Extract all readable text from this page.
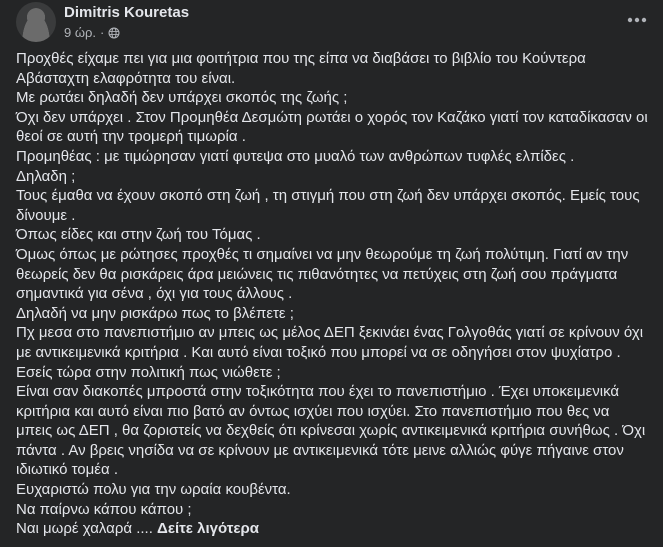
Dimitris Kouretas
9 ώρ. ·

Προχθές είχαμε πει για μια φοιτήτρια που της είπα να διαβάσει το βιβλίο του Κούντερα Αβάσταχτη ελαφρότητα του είναι.

Με ρωτάει δηλαδή δεν υπάρχει σκοπός της ζωής ;

Όχι δεν υπάρχει . Στον Προμηθέα Δεσμώτη ρωτάει ο χορός τον Καζάκο γιατί τον καταδίκασαν οι θεοί σε αυτή την τρομερή τιμωρία .

Προμηθέας : με τιμώρησαν γιατί φυτεψα στο μυαλό των ανθρώπων τυφλές ελπίδες .

Δηλαδη ;

Τους έμαθα να έχουν σκοπό στη ζωή , τη στιγμή που στη ζωή δεν υπάρχει σκοπός. Εμείς τους δίνουμε .

Όπως είδες και στην ζωή του Τόμας .

Όμως όπως με ρώτησες προχθές τι σημαίνει να μην θεωρούμε τη ζωή πολύτιμη. Γιατί αν την θεωρείς δεν θα ρισκάρεις άρα μειώνεις τις πιθανότητες να πετύχεις στη ζωή σου πράγματα σημαντικά για σένα , όχι για τους άλλους .

Δηλαδή να μην ρισκάρω πως το βλέπετε ;

Πχ μεσα στο πανεπιστήμιο αν μπεις ως μέλος ΔΕΠ ξεκινάει ένας Γολγοθάς γιατί σε κρίνουν όχι με αντικειμενικά κριτήρια . Και αυτό είναι τοξικό που μπορεί να σε οδηγήσει στον ψυχίατρο .

Εσείς τώρα στην πολιτική πως νιώθετε ;

Είναι σαν διακοπές μπροστά στην τοξικότητα που έχει το πανεπιστήμιο . Έχει υποκειμενικά κριτήρια και αυτό είναι πιο βατό αν όντως ισχύει που ισχύει. Στο πανεπιστήμιο που θες να μπεις ως ΔΕΠ , θα ζοριστείς να δεχθείς ότι κρίνεσαι χωρίς αντικειμενικά κριτήρια συνήθως . Όχι πάντα . Αν βρεις νησίδα να σε κρίνουν με αντικειμενικά τότε μεινε αλλιώς φύγε πήγαινε στον ιδιωτικό τομέα .

Ευχαριστώ πολυ για την ωραία κουβέντα.

Να παίρνω κάπου κάπου ;

Ναι μωρέ χαλαρά .... Δείτε λιγότερα
